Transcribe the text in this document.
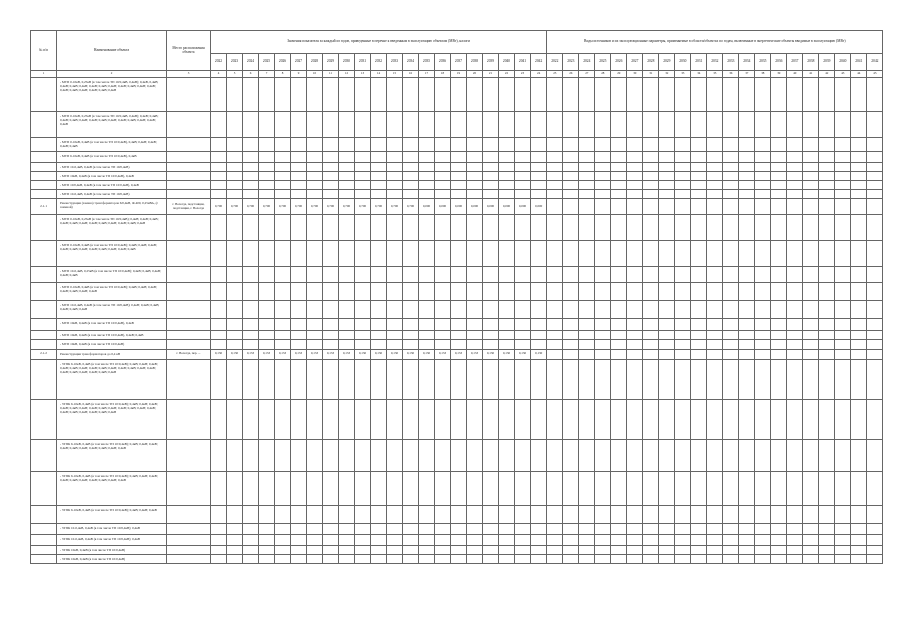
№ п/п	Наименование объекта	Место расположения объекта	Значения показателя за каждый из годов, приведенные в перечне к введенным в эксплуатацию объектам (МВт), налоги																					Виды источников и их эксплуатационные параметры, применяемые в области/объектах по годам, включенные в энергетические объекты вводимые в эксплуатацию (МВт)																				
			2022	2023	2024	2025	2026	2027	2028	2029	2030	2031	2032	2033	2034	2035	2036	2037	2038	2039	2040	2041	2042	2022	2023	2024	2025	2026	2027	2028	2029	2030	2031	2032	2033	2034	2035	2036	2037	2038	2039	2040	2041	2042
1	2	3	4	5	6	7	8	9	10	11	12	13	14	15	16	17	18	19	20	21	22	23	24	25	26	27	28	29	30	31	32	33	34	35	36	37	38	39	40	41	42	43	44	45
	- МТП 0-10кВ, 0,25кВ (в том числе ТП 10/0,4кВ, 0,4кВ); 0,4кВ, 0,4кВ; 0,4кВ; 0,4кВ; 0,4кВ; 0,4кВ; 0,4кВ; 0,4кВ; 0,4кВ; 0,4кВ; 0,4кВ; 0,4кВ; 0,4кВ; 0,4кВ; 0,4кВ; 0,4кВ; 0,4кВ; 0,4кВ																																											
	- МТП 0-10кВ, 0,25кВ (в том числе ТП 10/0,4кВ, 0,4кВ); 0,4кВ; 0,4кВ; 0,4кВ; 0,4кВ; 0,4кВ; 0,4кВ; 0,4кВ; 0,4кВ; 0,4кВ; 0,4кВ; 0,4кВ; 0,4кВ; 0,4кВ																																											
	- МТП 0-10кВ, 0,4кВ (в том числе ТП 10/0,4кВ), 0,4кВ; 0,4кВ; 0,4кВ; 0,4кВ; 0,4кВ																																											
	- МТП 6-10кВ, 0,4кВ (в том числе ТП 10/0,4кВ), 0,4кВ																																											
	- МТП 10-0,4кВ, 0,4кВ (в том числе ТП 10/0,4кВ)																																											
	- МТП 10кВ, 0,4кВ (в том числе ТП 10/0,4кВ), 0,4кВ																																											
	- МТП 10/0,4кВ, 0,4кВ (в том числе ТП 10/0,4кВ), 0,4кВ																																											
	- МТП 10-0,4кВ, 0,4кВ (в том числе ТП 10/0,4кВ)																																											
2.1.1	Реконструкция (замена) трансформаторов 6/0,4кВ, Ф-400, 0,25кВА, (с заменой)	г. Вологда, подстанции, подстанции, г. Вологда	0,700	0,700	0,700	0,700	0,700	0,700	0,700	0,700	0,700	0,700	0,700	0,700	0,700	0,000	0,000	0,000	0,000	0,000	0,000	0,000	0,000																					
	- МТП 0-10кВ, 0,25кВ (в том числе ТП 10/0,4кВ); 0,4кВ; 0,4кВ; 0,4кВ; 0,4кВ; 0,4кВ; 0,4кВ; 0,4кВ; 0,4кВ; 0,4кВ; 0,4кВ; 0,4кВ; 0,4кВ																																											
	- МТП 0-10кВ, 0,4кВ (в том числе ТП 10/0,4кВ); 0,4кВ; 0,4кВ; 0,4кВ; 0,4кВ; 0,4кВ; 0,4кВ; 0,4кВ; 0,4кВ; 0,4кВ; 0,4кВ; 0,4кВ																																											
	- МТП 10-0,4кВ, 0,25кВ (в том числе ТП 10/0,4кВ); 0,4кВ; 0,4кВ; 0,4кВ; 0,4кВ; 0,4кВ																																											
	- МТП 0-10кВ, 0,4кВ (в том числе ТП 10/0,4кВ); 0,4кВ; 0,4кВ; 0,4кВ; 0,4кВ; 0,4кВ; 0,4кВ; 0,4кВ																																											
	- МТП 10-0,4кВ, 0,4кВ (в том числе ТП 10/0,4кВ); 0,4кВ; 0,4кВ; 0,4кВ; 0,4кВ; 0,4кВ; 0,4кВ																																											
	- МТП 10кВ, 0,4кВ (в том числе ТП 10/0,4кВ), 0,4кВ																																											
	- МТП 10кВ, 0,4кВ (в том числе ТП 10/0,4кВ), 0,4кВ; 0,4кВ																																											
	- МТП 10кВ, 0,4кВ (в том числе ТП 10/0,4кВ)																																											
2.1.2	Реконструкция трансформаторов до 0,4 кВ	г. Вологда, пер. ...	0,130	0,130	0,133	0,133	0,133	0,133	0,133	0,133	0,133	0,130	0,130	0,130	0,130	0,130	0,133	0,133	0,133	0,130	0,130	0,130	0,130																					
	- ЗТПК 6-10кВ, 0,4кВ (в том числе ТП 10/0,4кВ); 0,4кВ; 0,4кВ; 0,4кВ; 0,4кВ; 0,4кВ; 0,4кВ; 0,4кВ; 0,4кВ; 0,4кВ; 0,4кВ; 0,4кВ; 0,4кВ; 0,4кВ; 0,4кВ; 0,4кВ; 0,4кВ; 0,4кВ; 0,4кВ; 0,4кВ																																											
	- ЗТПК 6-10кВ, 0,4кВ (в том числе ТП 10/0,4кВ); 0,4кВ; 0,4кВ; 0,4кВ; 0,4кВ; 0,4кВ; 0,4кВ; 0,4кВ; 0,4кВ; 0,4кВ; 0,4кВ; 0,4кВ; 0,4кВ; 0,4кВ; 0,4кВ; 0,4кВ; 0,4кВ; 0,4кВ; 0,4кВ; 0,4кВ																																											
	- ЗТПК 6-10кВ, 0,4кВ (в том числе ТП 10/0,4кВ); 0,4кВ; 0,4кВ; 0,4кВ; 0,4кВ; 0,4кВ; 0,4кВ; 0,4кВ; 0,4кВ; 0,4кВ; 0,4кВ																																											
	- ЗТПК 6-10кВ, 0,4кВ (в том числе ТП 10/0,4кВ); 0,4кВ; 0,4кВ; 0,4кВ; 0,4кВ; 0,4кВ; 0,4кВ; 0,4кВ; 0,4кВ; 0,4кВ; 0,4кВ																																											
	- ЗТПК 6-10кВ, 0,4кВ (в том числе ТП 10/0,4кВ); 0,4кВ; 0,4кВ; 0,4кВ																																											
	- ЗТПК 10-0,4кВ, 0,4кВ (в том числе ТП 10/0,4кВ); 0,4кВ																																											
	- ЗТПК 10-0,4кВ, 0,4кВ (в том числе ТП 10/0,4кВ); 0,4кВ																																											
	- ЗТПК 10кВ, 0,4кВ (в том числе ТП 10/0,4кВ)																																											
	- ЗТПК 10кВ, 0,4кВ (в том числе ТП 10/0,4кВ)																																											
